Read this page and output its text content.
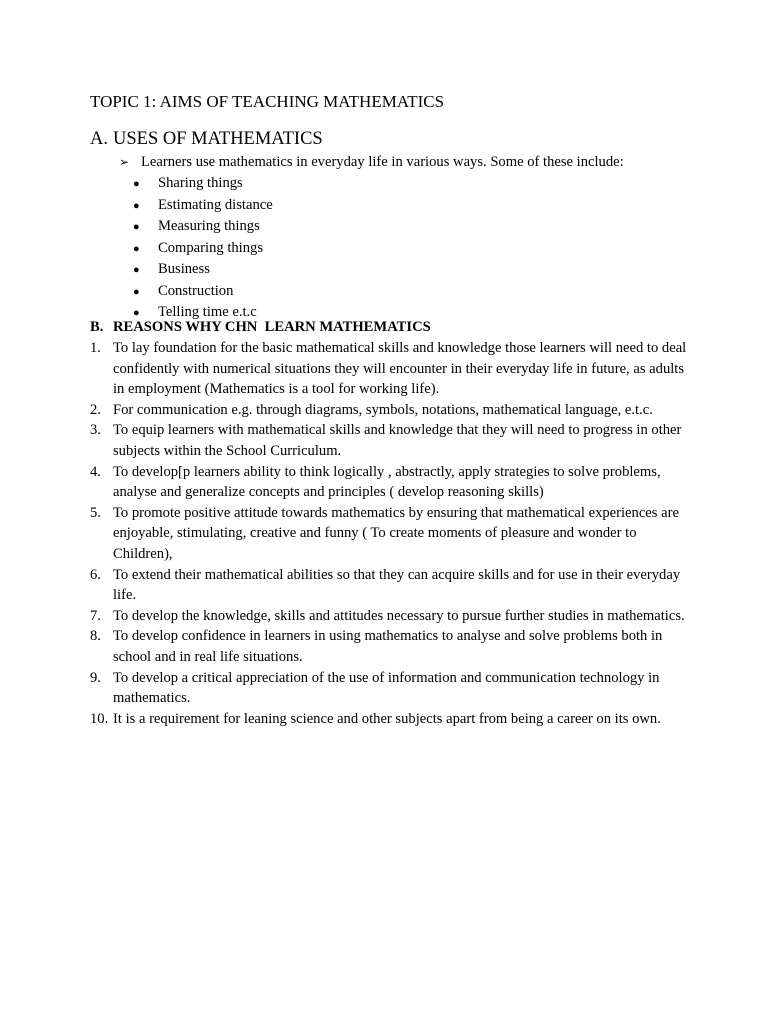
TOPIC 1: AIMS OF TEACHING MATHEMATICS
A. USES OF MATHEMATICS
➢ Learners use mathematics in everyday life in various ways. Some of these include:
● Sharing things
● Estimating distance
● Measuring things
● Comparing things
● Business
● Construction
● Telling time e.t.c
B. REASONS WHY CHN  LEARN MATHEMATICS
1. To lay foundation for the basic mathematical skills and knowledge those learners will need to deal confidently with numerical situations they will encounter in their everyday life in future, as adults in employment (Mathematics is a tool for working life).
2. For communication e.g. through diagrams, symbols, notations, mathematical language, e.t.c.
3. To equip learners with mathematical skills and knowledge that they will need to progress in other subjects within the School Curriculum.
4. To develop[p learners ability to think logically , abstractly, apply strategies to solve problems, analyse and generalize concepts and principles ( develop reasoning skills)
5. To promote positive attitude towards mathematics by ensuring that mathematical experiences are enjoyable, stimulating, creative and funny ( To create moments of pleasure and wonder to Children),
6. To extend their mathematical abilities so that they can acquire skills and for use in their everyday life.
7. To develop the knowledge, skills and attitudes necessary to pursue further studies in mathematics.
8. To develop confidence in learners in using mathematics to analyse and solve problems both in school and in real life situations.
9. To develop a critical appreciation of the use of information and communication technology in mathematics.
10. It is a requirement for leaning science and other subjects apart from being a career on its own.
